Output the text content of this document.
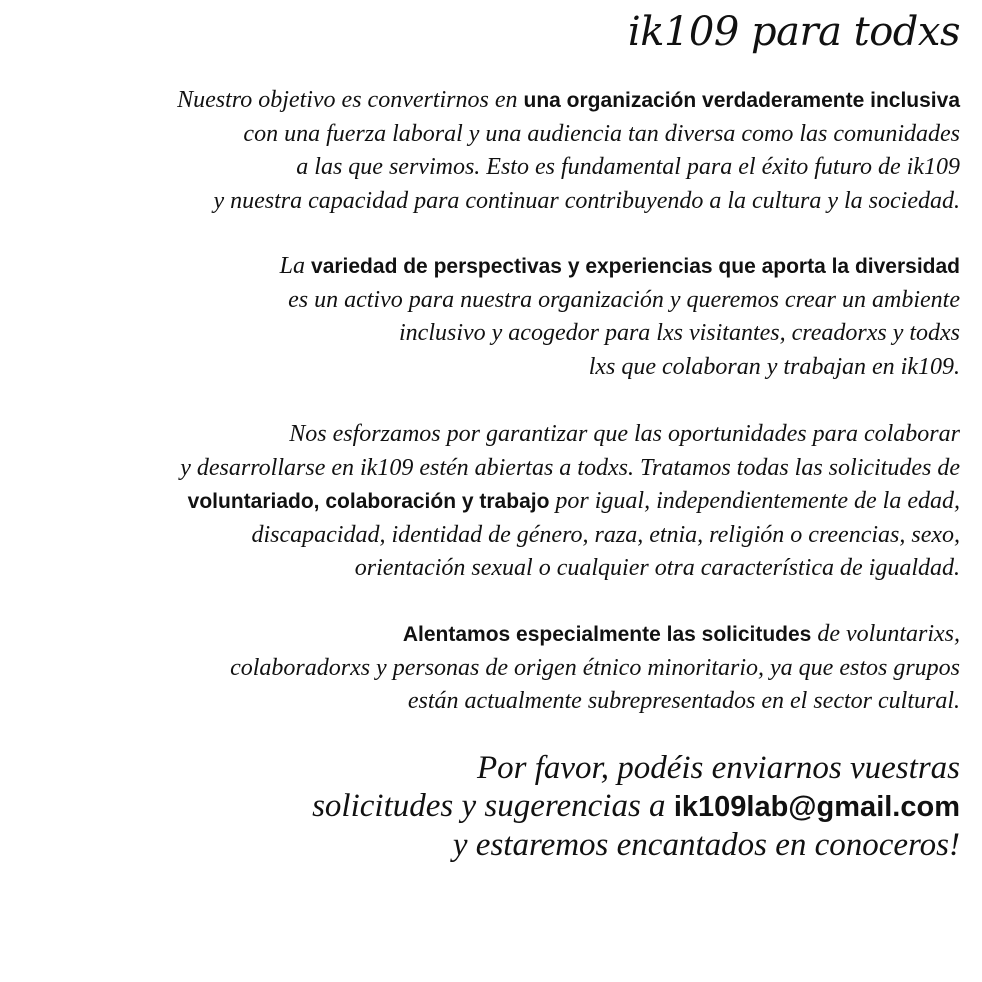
ik109 para todxs

Nuestro objetivo es convertirnos en una organización verdaderamente inclusiva
con una fuerza laboral y una audiencia tan diversa como las comunidades
a las que servimos. Esto es fundamental para el éxito futuro de ik109
y nuestra capacidad para continuar contribuyendo a la cultura y la sociedad.

La variedad de perspectivas y experiencias que aporta la diversidad
es un activo para nuestra organización y queremos crear un ambiente
inclusivo y acogedor para lxs visitantes, creadorxs y todxs
lxs que colaboran y trabajan en ik109.

Nos esforzamos por garantizar que las oportunidades para colaborar
y desarrollarse en ik109 estén abiertas a todxs. Tratamos todas las solicitudes de
voluntariado, colaboración y trabajo por igual, independientemente de la edad,
discapacidad, identidad de género, raza, etnia, religión o creencias, sexo,
orientación sexual o cualquier otra característica de igualdad.

Alentamos especialmente las solicitudes de voluntarixs,
colaboradorxs y personas de origen étnico minoritario, ya que estos grupos
están actualmente subrepresentados en el sector cultural.

Por favor, podéis enviarnos vuestras
solicitudes y sugerencias a ik109lab@gmail.com
y estaremos encantados en conoceros!
